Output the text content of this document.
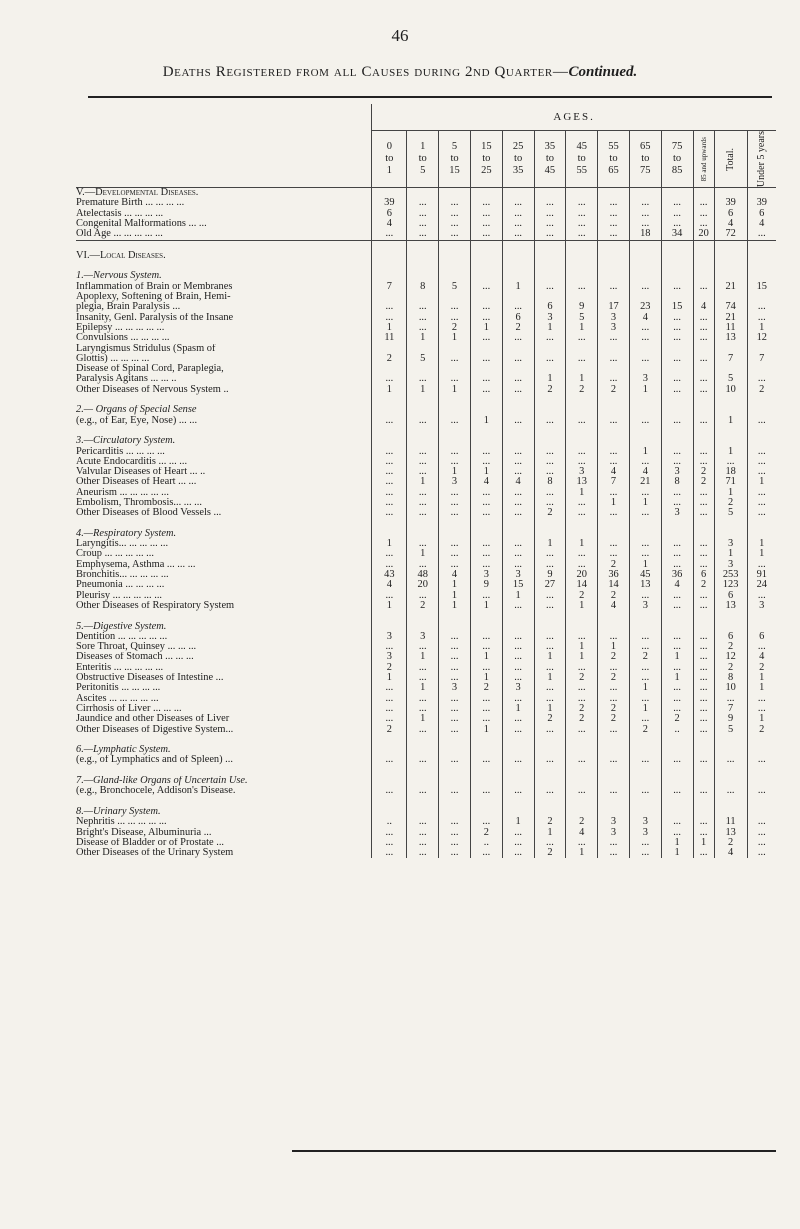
46
Deaths Registered from all Causes during 2nd Quarter—Continued.
	AGES.												
	0
to
1	1
to
5	5
to
15	15
to
25	25
to
35	35
to
45	45
to
55	55
to
65	65
to
75	75
to
85	85 and upwards	Total.	Under 5 years

V.—Developmental Diseases.													
Premature Birth ... ... ... ...	39	...	...	...	...	...	...	...	...	...	...	39	39
Atelectasis ... ... ... ...	6	...	...	...	...	...	...	...	...	...	...	6	6
Congenital Malformations ... ...	4	...	...	...	...	...	...	...	...	...	...	4	4
Old Age ... ... ... ... ...	...	...	...	...	...	...	...	...	18	34	20	72	...

VI.—Local Diseases.													

1.—Nervous System.													
Inflammation of Brain or Membranes	7	8	5	...	1	...	...	...	...	...	...	21	15
Apoplexy, Softening of Brain, Hemi-													
plegia, Brain Paralysis ...	...	...	...	...	...	6	9	17	23	15	4	74	...
Insanity, Genl. Paralysis of the Insane	...	...	...	...	6	3	5	3	4	...	...	21	...
Epilepsy ... ... ... ... ...	1	...	2	1	2	1	1	3	...	...	...	11	1
Convulsions ... ... ... ...	11	1	1	...	...	...	...	...	...	...	...	13	12
Laryngismus Stridulus (Spasm of													
Glottis) ... ... ... ...	2	5	...	...	...	...	...	...	...	...	...	7	7
Disease of Spinal Cord, Paraplegia,													
Paralysis Agitans ... ... ..	...	...	...	...	...	1	1	...	3	...	...	5	...
Other Diseases of Nervous System ..	1	1	1	...	...	2	2	2	1	...	...	10	2

2.— Organs of Special Sense													
(e.g., of Ear, Eye, Nose) ... ...	...	...	...	1	...	...	...	...	...	...	...	1	...

3.—Circulatory System.													
Pericarditis ... ... ... ...	...	...	...	...	...	...	...	...	1	...	...	1	...
Acute Endocarditis ... ... ...	...	...	...	...	...	...	...	...	...	...	...	...	...
Valvular Diseases of Heart ... ..	...	...	1	1	...	...	3	4	4	3	2	18	...
Other Diseases of Heart ... ...	...	1	3	4	4	8	13	7	21	8	2	71	1
Aneurism ... ... ... ... ...	...	...	...	...	...	...	1	...	...	...	...	1	...
Embolism, Thrombosis... ... ...	...	...	...	...	...	...	...	1	1	...	...	2	...
Other Diseases of Blood Vessels ...	...	...	...	...	...	2	...	...	...	3	...	5	...

4.—Respiratory System.													
Laryngitis... ... ... ... ...	1	...	...	...	...	1	1	...	...	...	...	3	1
Croup ... ... ... ... ...	...	1	...	...	...	...	...	...	...	...	...	1	1
Emphysema, Asthma ... ... ...	...	...	...	...	...	...	...	2	1	...	...	3	...
Bronchitis... ... ... ... ...	43	48	4	3	3	9	20	36	45	36	6	253	91
Pneumonia ... ... ... ...	4	20	1	9	15	27	14	14	13	4	2	123	24
Pleurisy ... ... ... ... ...	...	...	1	...	1	...	2	2	...	...	...	6	...
Other Diseases of Respiratory System	1	2	1	1	...	...	1	4	3	...	...	13	3

5.—Digestive System.													
Dentition ... ... ... ... ...	3	3	...	...	...	...	...	...	...	...	...	6	6
Sore Throat, Quinsey ... ... ...	...	...	...	...	...	...	1	1	...	...	...	2	...
Diseases of Stomach ... ... ...	3	1	...	1	...	1	1	2	2	1	...	12	4
Enteritis ... ... ... ... ...	2	...	...	...	...	...	...	...	...	...	...	2	2
Obstructive Diseases of Intestine ...	1	...	...	1	...	1	2	2	...	1	...	8	1
Peritonitis ... ... ... ...	...	1	3	2	3	...	...	...	1	...	...	10	1
Ascites ... ... ... ... ...	...	...	...	...	...	...	...	...	...	...	...	...	...
Cirrhosis of Liver ... ... ...	...	...	...	...	1	1	2	2	1	...	...	7	...
Jaundice and other Diseases of Liver	...	1	...	...	...	2	2	2	...	2	...	9	1
Other Diseases of Digestive System...	2	...	...	1	...	...	...	...	2	..	...	5	2

6.—Lymphatic System.													
(e.g., of Lymphatics and of Spleen) ...	...	...	...	...	...	...	...	...	...	...	...	...	...

7.—Gland-like Organs of Uncertain Use.													
(e.g., Bronchocele, Addison's Disease.	...	...	...	...	...	...	...	...	...	...	...	...	...

8.—Urinary System.													
Nephritis ... ... ... ... ...	..	...	...	...	1	2	2	3	3	...	...	11	...
Bright's Disease, Albuminuria ...	...	...	...	2	...	1	4	3	3	...	...	13	...
Disease of Bladder or of Prostate ...	...	...	...	..	...	...	...	...	...	1	1	2	...
Other Diseases of the Urinary System	...	...	...	...	...	2	1	...	...	1	...	4	...
